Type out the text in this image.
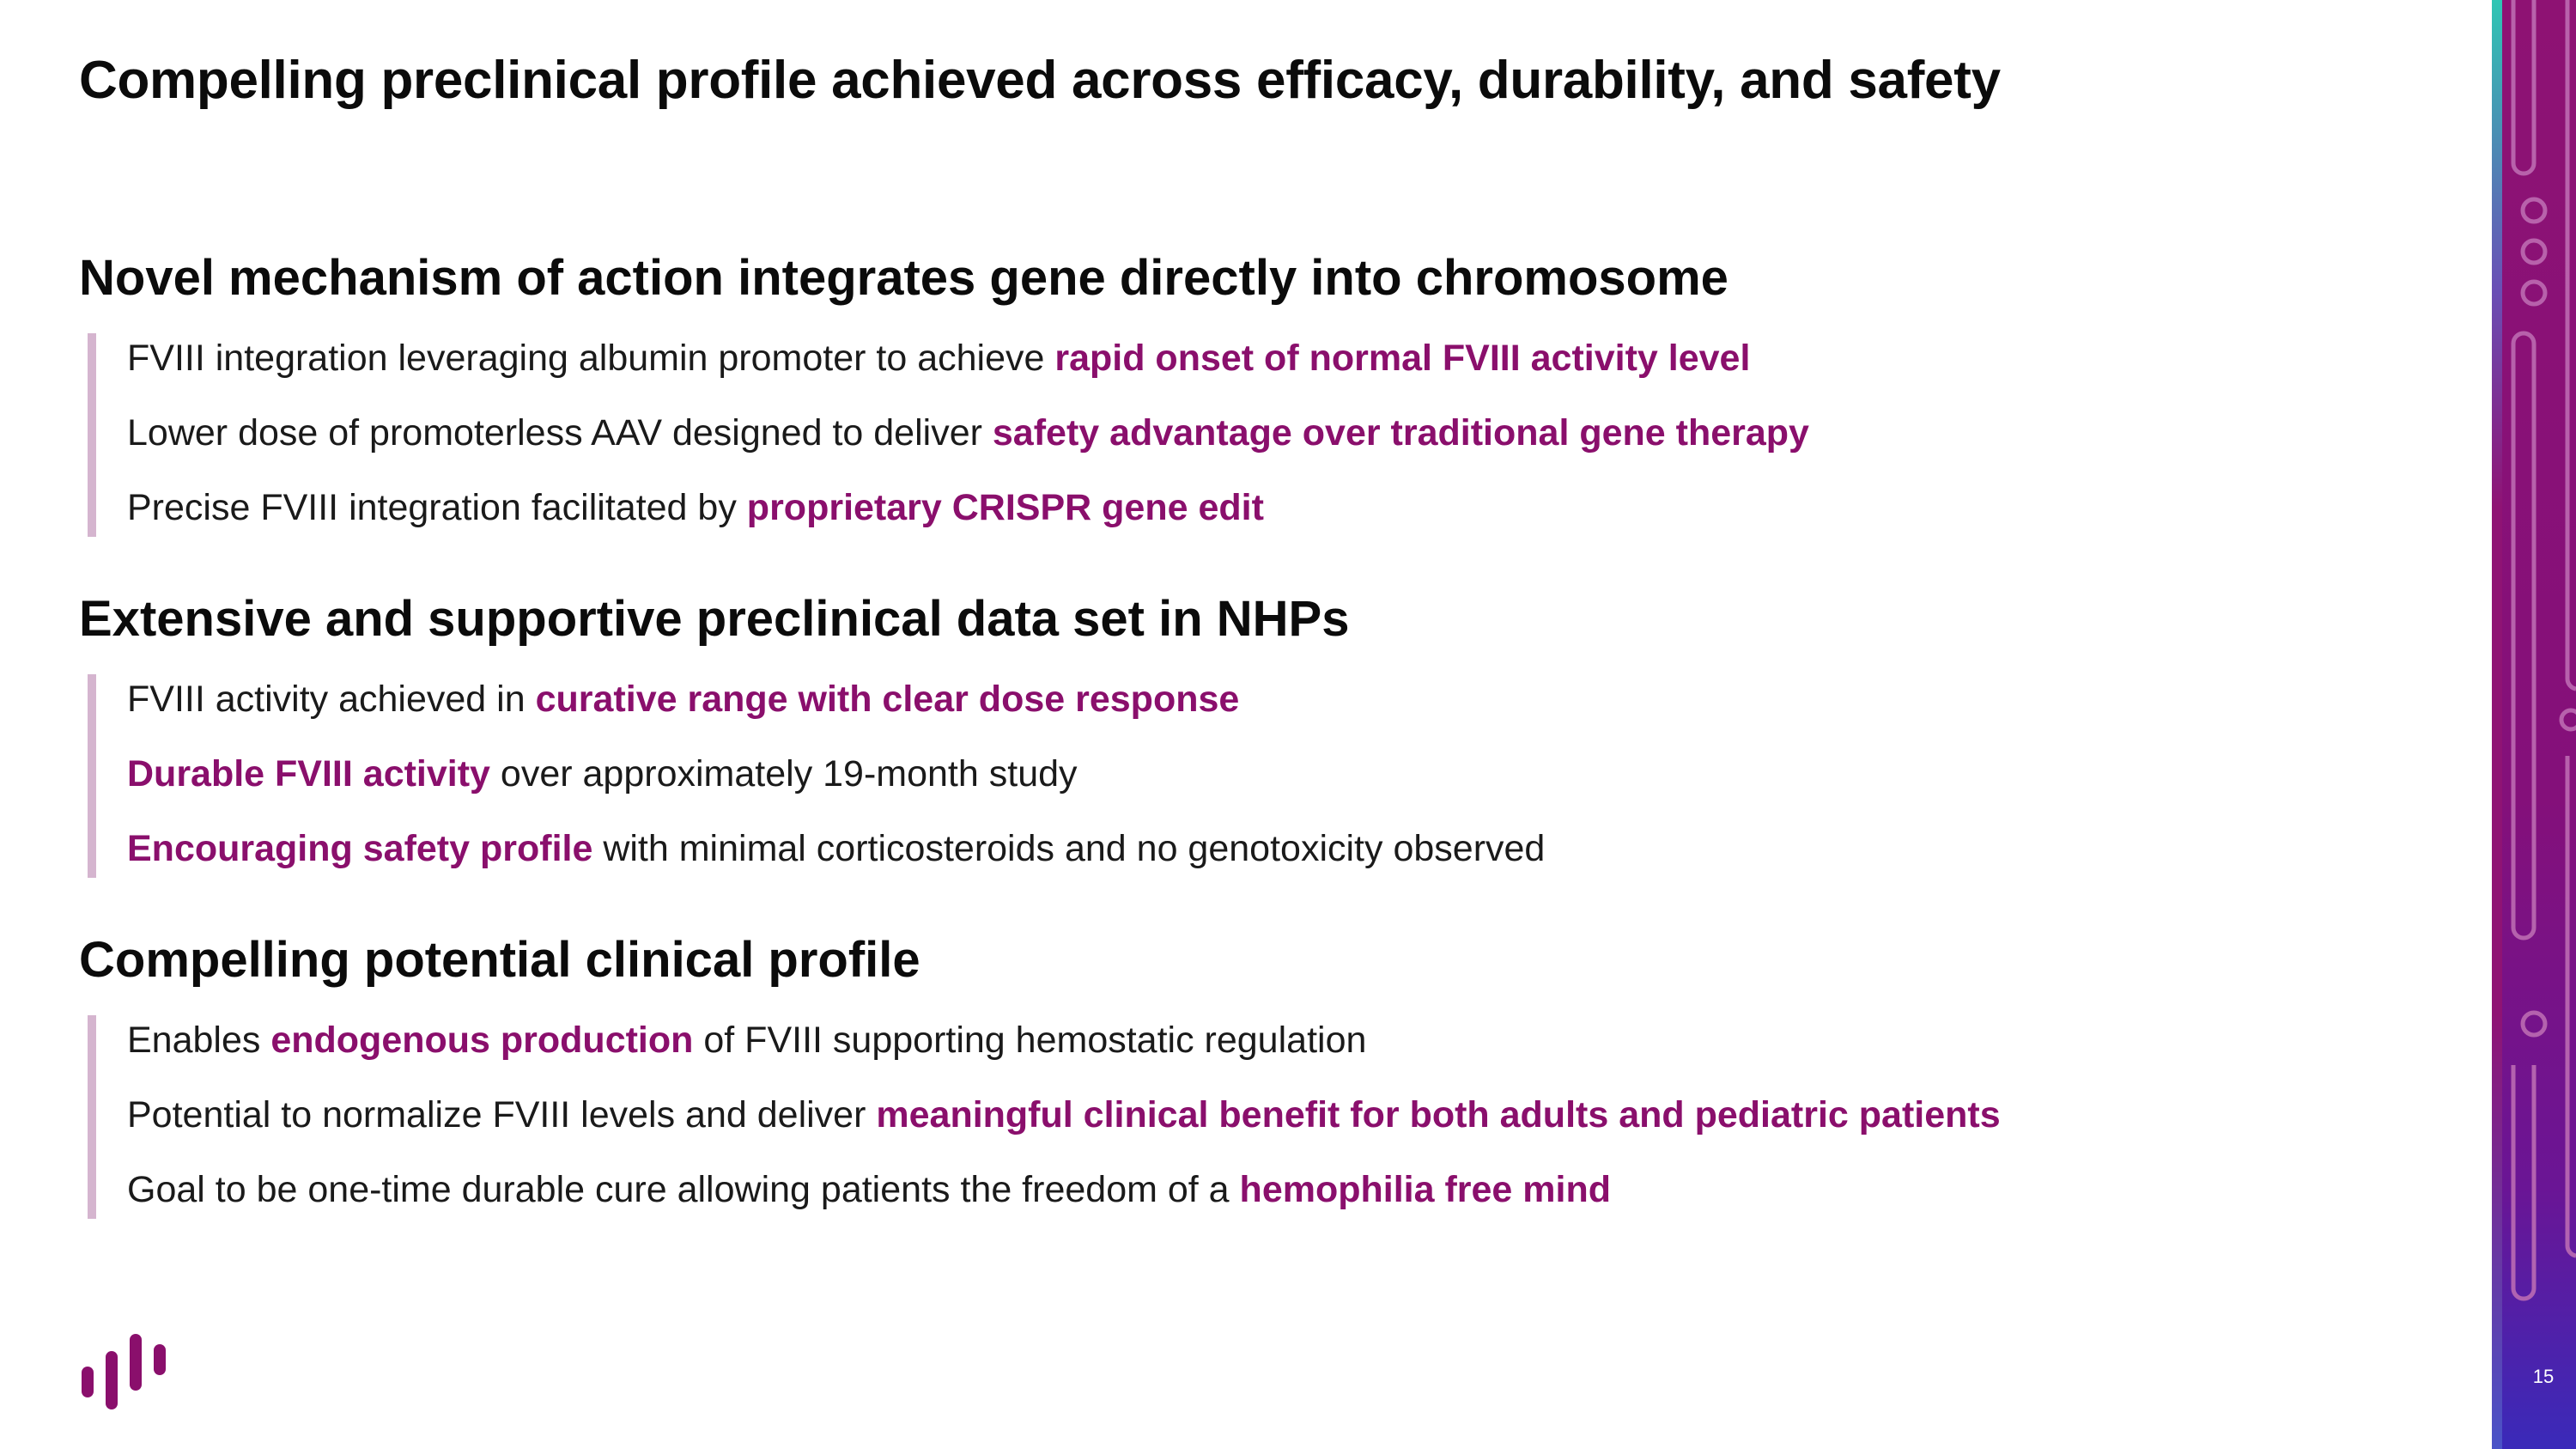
Compelling preclinical profile achieved across efficacy, durability, and safety
Novel mechanism of action integrates gene directly into chromosome
FVIII integration leveraging albumin promoter to achieve rapid onset of normal FVIII activity level
Lower dose of promoterless AAV designed to deliver safety advantage over traditional gene therapy
Precise FVIII integration facilitated by proprietary CRISPR gene edit
Extensive and supportive preclinical data set in NHPs
FVIII activity achieved in curative range with clear dose response
Durable FVIII activity over approximately 19-month study
Encouraging safety profile with minimal corticosteroids and no genotoxicity observed
Compelling potential clinical profile
Enables endogenous production of FVIII supporting hemostatic regulation
Potential to normalize FVIII levels and deliver meaningful clinical benefit for both adults and pediatric patients
Goal to be one-time durable cure allowing patients the freedom of a hemophilia free mind
15
